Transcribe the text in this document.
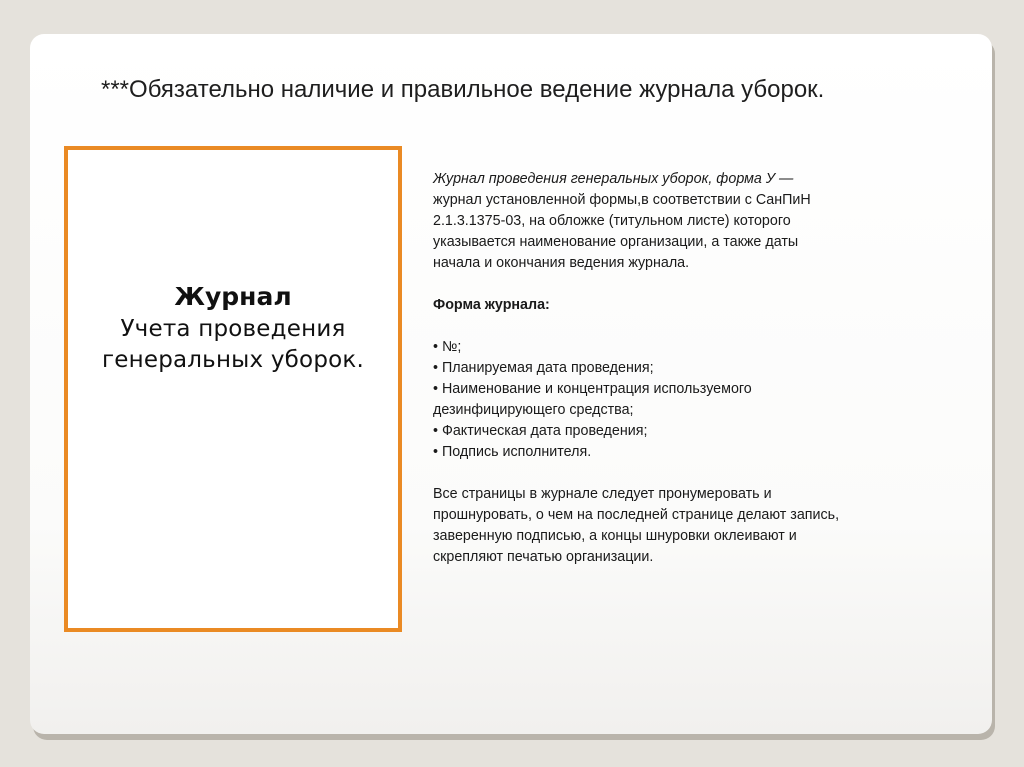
***Обязательно наличие и правильное ведение журнала уборок.
Журнал
Учета проведения
генеральных уборок.

Журнал проведения генеральных уборок, форма У —

журнал установленной формы,в соответствии с СанПиН

2.1.3.1375-03, на обложке (титульном листе) которого

указывается наименование организации, а также даты

начала и окончания ведения журнала.

Форма журнала:

• №;

• Планируемая дата проведения;

• Наименование и концентрация используемого

дезинфицирующего средства;

• Фактическая дата проведения;

• Подпись исполнителя.

Все страницы в журнале следует пронумеровать и

прошнуровать, о чем на последней странице делают запись,

заверенную подписью, а концы шнуровки оклеивают и

скрепляют печатью организации.
